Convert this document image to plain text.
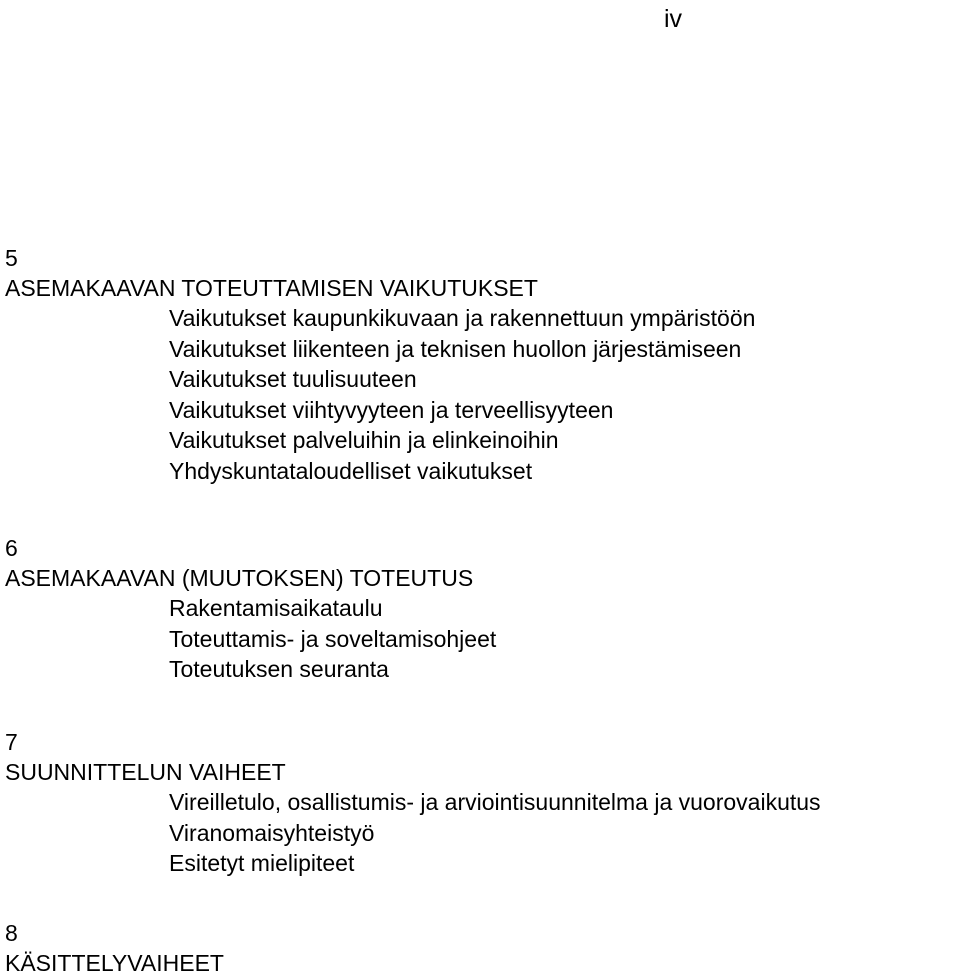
iv
5
ASEMAKAAVAN TOTEUTTAMISEN VAIKUTUKSET
Vaikutukset kaupunkikuvaan ja rakennettuun ympäristöön
Vaikutukset liikenteen ja teknisen huollon järjestämiseen
Vaikutukset tuulisuuteen
Vaikutukset viihtyvyyteen ja terveellisyyteen
Vaikutukset palveluihin ja elinkeinoihin
Yhdyskuntataloudelliset vaikutukset
6
ASEMAKAAVAN (MUUTOKSEN) TOTEUTUS
Rakentamisaikataulu
Toteuttamis- ja soveltamisohjeet
Toteutuksen seuranta
7
SUUNNITTELUN VAIHEET
Vireilletulo, osallistumis- ja arviointisuunnitelma ja vuorovaikutus
Viranomaisyhteistyö
Esitetyt mielipiteet
8
KÄSITTELYVAIHEET
